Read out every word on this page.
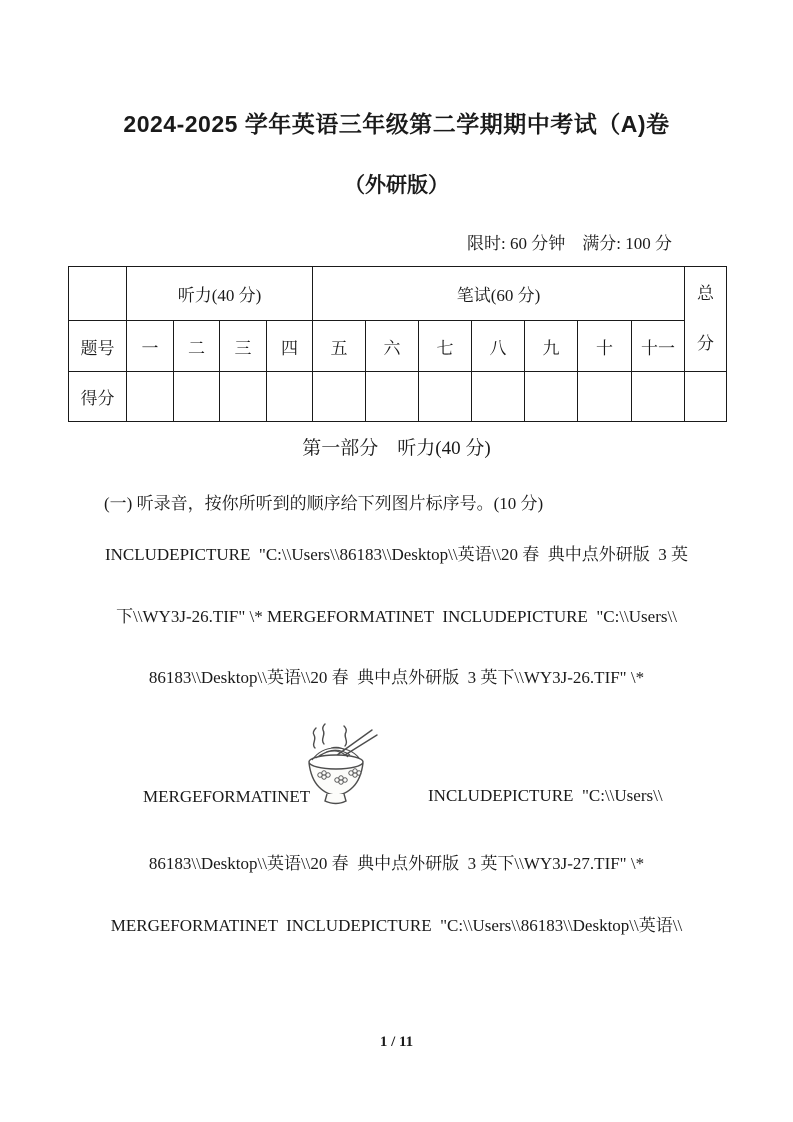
2024-2025 学年英语三年级第二学期期中考试（A)卷
（外研版）
限时: 60 分钟　满分: 100 分
	听力(40 分)				笔试(60 分)							总分

题号	一	二	三	四	五	六	七	八	九	十	十一	
得分												
第一部分　听力(40 分)
(一) 听录音，按你所听到的顺序给下列图片标序号。(10 分)
INCLUDEPICTURE  "C:\\Users\\86183\\Desktop\\英语\\20 春  典中点外研版  3 英
下\\WY3J-26.TIF" \* MERGEFORMATINET  INCLUDEPICTURE  "C:\\Users\\
86183\\Desktop\\英语\\20 春  典中点外研版  3 英下\\WY3J-26.TIF" \*
MERGEFORMATINET	INCLUDEPICTURE  "C:\\Users\\
86183\\Desktop\\英语\\20 春  典中点外研版  3 英下\\WY3J-27.TIF" \*
MERGEFORMATINET  INCLUDEPICTURE  "C:\\Users\\86183\\Desktop\\英语\\
1 / 11
